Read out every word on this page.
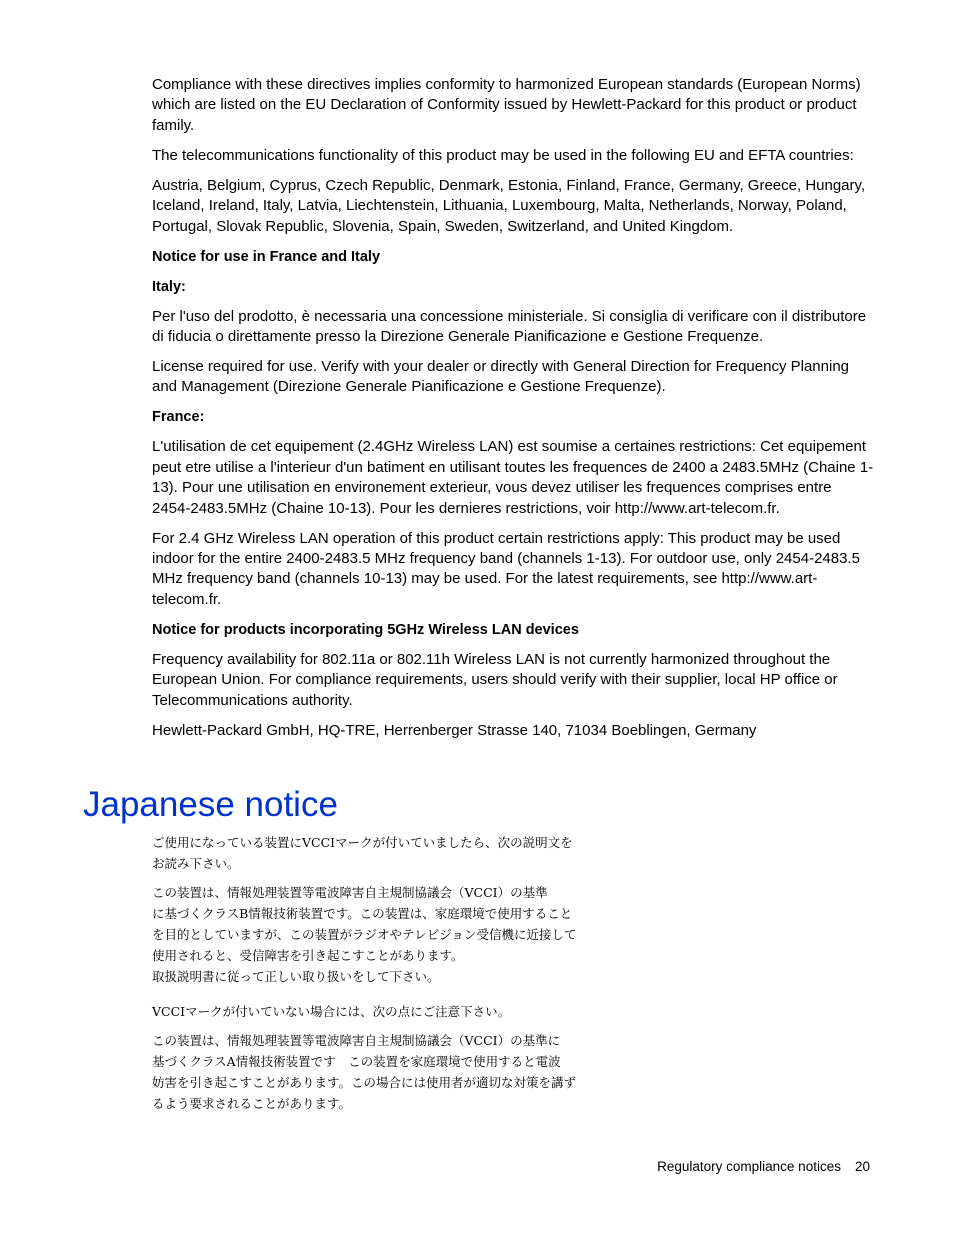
Compliance with these directives implies conformity to harmonized European standards (European Norms) which are listed on the EU Declaration of Conformity issued by Hewlett-Packard for this product or product family.

The telecommunications functionality of this product may be used in the following EU and EFTA countries:

Austria, Belgium, Cyprus, Czech Republic, Denmark, Estonia, Finland, France, Germany, Greece, Hungary, Iceland, Ireland, Italy, Latvia, Liechtenstein, Lithuania, Luxembourg, Malta, Netherlands, Norway, Poland, Portugal, Slovak Republic, Slovenia, Spain, Sweden, Switzerland, and United Kingdom.

Notice for use in France and Italy

Italy:

Per l'uso del prodotto, è necessaria una concessione ministeriale. Si consiglia di verificare con il distributore di fiducia o direttamente presso la Direzione Generale Pianificazione e Gestione Frequenze.

License required for use. Verify with your dealer or directly with General Direction for Frequency Planning and Management (Direzione Generale Pianificazione e Gestione Frequenze).

France:

L'utilisation de cet equipement (2.4GHz Wireless LAN) est soumise a certaines restrictions: Cet equipement peut etre utilise a l'interieur d'un batiment en utilisant toutes les frequences de 2400 a 2483.5MHz (Chaine 1-13). Pour une utilisation en environement exterieur, vous devez utiliser les frequences comprises entre 2454-2483.5MHz (Chaine 10-13). Pour les dernieres restrictions, voir http://www.art-telecom.fr.

For 2.4 GHz Wireless LAN operation of this product certain restrictions apply: This product may be used indoor for the entire 2400-2483.5 MHz frequency band (channels 1-13). For outdoor use, only 2454-2483.5 MHz frequency band (channels 10-13) may be used. For the latest requirements, see http://www.art-telecom.fr.

Notice for products incorporating 5GHz Wireless LAN devices

Frequency availability for 802.11a or 802.11h Wireless LAN is not currently harmonized throughout the European Union. For compliance requirements, users should verify with their supplier, local HP office or Telecommunications authority.

Hewlett-Packard GmbH, HQ-TRE, Herrenberger Strasse 140, 71034 Boeblingen, Germany

Japanese notice
ご使用になっている装置にVCCIマークが付いていましたら、次の説明文を
お読み下さい。
この装置は、情報処理装置等電波障害自主規制協議会（VCCI）の基準
に基づくクラスB情報技術装置です。この装置は、家庭環境で使用すること
を目的としていますが、この装置がラジオやテレビジョン受信機に近接して
使用されると、受信障害を引き起こすことがあります。
取扱説明書に従って正しい取り扱いをして下さい。
VCCIマークが付いていない場合には、次の点にご注意下さい。
この装置は、情報処理装置等電波障害自主規制協議会（VCCI）の基準に
基づくクラスA情報技術装置です　この装置を家庭環境で使用すると電波
妨害を引き起こすことがあります。この場合には使用者が適切な対策を講ず
るよう要求されることがあります。
Regulatory compliance notices 20
